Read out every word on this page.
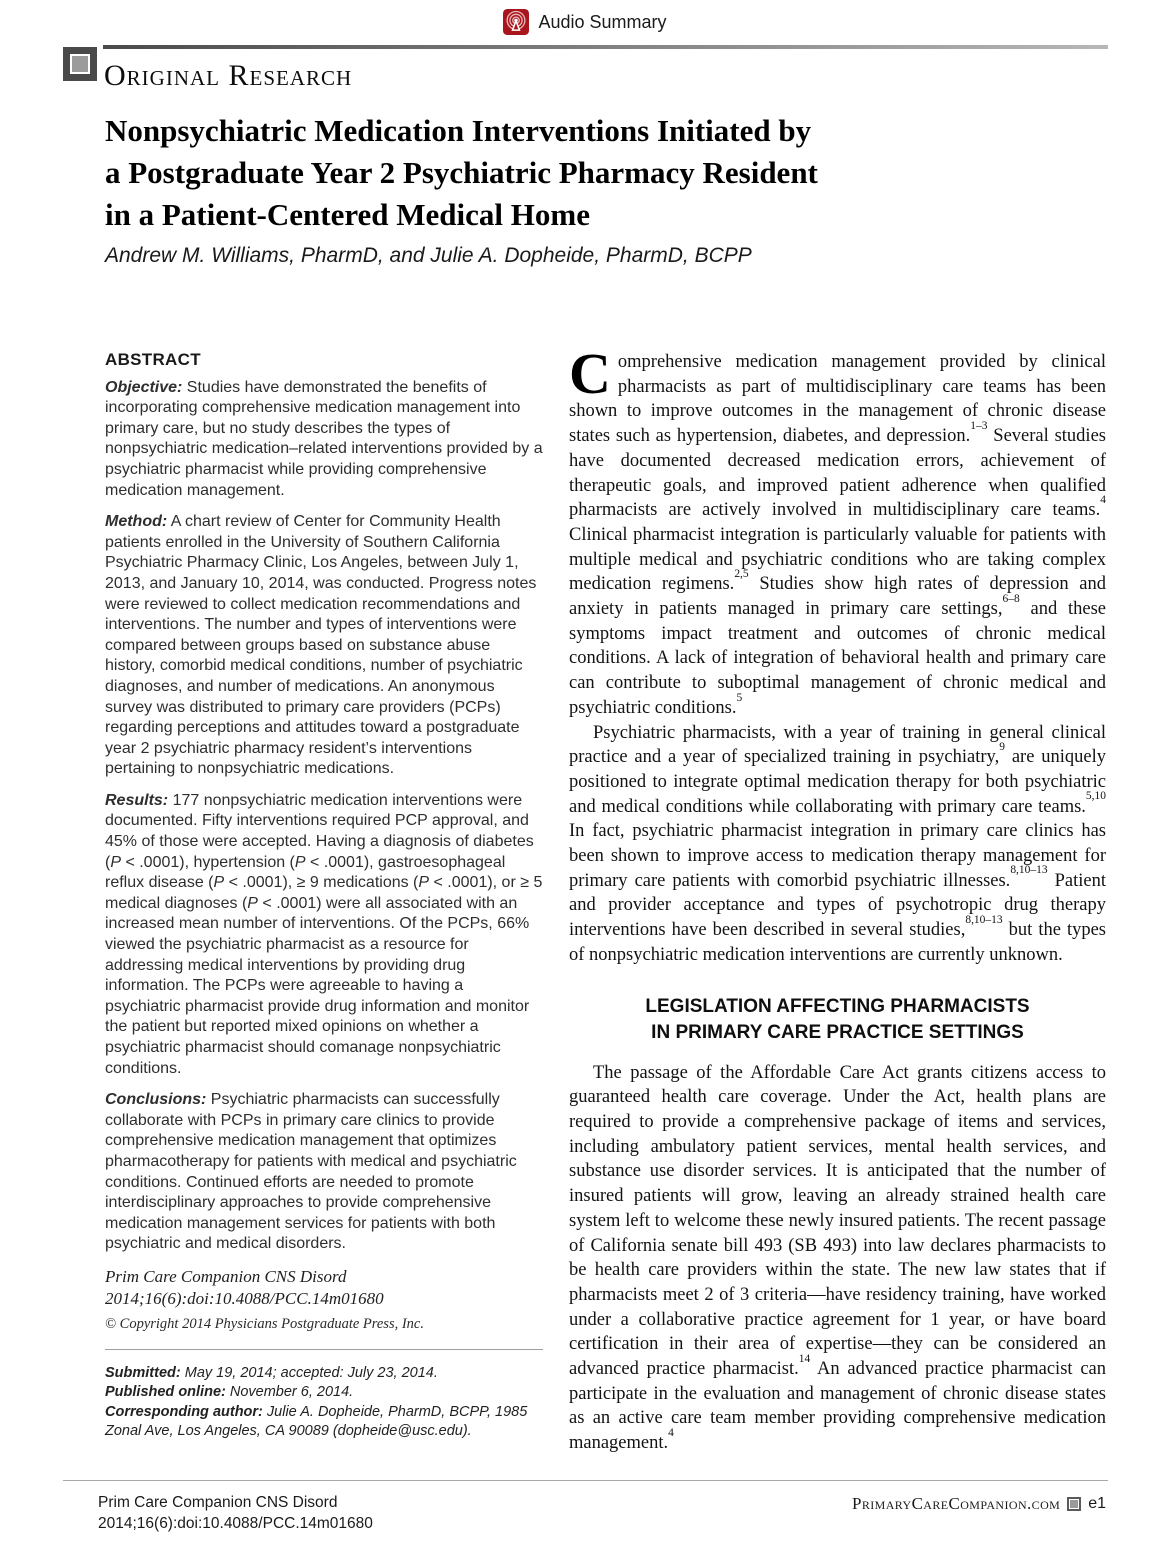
Audio Summary
Original Research
Nonpsychiatric Medication Interventions Initiated by
a Postgraduate Year 2 Psychiatric Pharmacy Resident
in a Patient-Centered Medical Home
Andrew M. Williams, PharmD, and Julie A. Dopheide, PharmD, BCPP
ABSTRACT

Objective: Studies have demonstrated the benefits of incorporating comprehensive medication management into primary care, but no study describes the types of nonpsychiatric medication–related interventions provided by a psychiatric pharmacist while providing comprehensive medication management.

Method: A chart review of Center for Community Health patients enrolled in the University of Southern California Psychiatric Pharmacy Clinic, Los Angeles, between July 1, 2013, and January 10, 2014, was conducted. Progress notes were reviewed to collect medication recommendations and interventions. The number and types of interventions were compared between groups based on substance abuse history, comorbid medical conditions, number of psychiatric diagnoses, and number of medications. An anonymous survey was distributed to primary care providers (PCPs) regarding perceptions and attitudes toward a postgraduate year 2 psychiatric pharmacy resident’s interventions pertaining to nonpsychiatric medications.

Results: 177 nonpsychiatric medication interventions were documented. Fifty interventions required PCP approval, and 45% of those were accepted. Having a diagnosis of diabetes (P < .0001), hypertension (P < .0001), gastroesophageal reflux disease (P < .0001), ≥ 9 medications (P < .0001), or ≥ 5 medical diagnoses (P < .0001) were all associated with an increased mean number of interventions. Of the PCPs, 66% viewed the psychiatric pharmacist as a resource for addressing medical interventions by providing drug information. The PCPs were agreeable to having a psychiatric pharmacist provide drug information and monitor the patient but reported mixed opinions on whether a psychiatric pharmacist should comanage nonpsychiatric conditions.

Conclusions: Psychiatric pharmacists can successfully collaborate with PCPs in primary care clinics to provide comprehensive medication management that optimizes pharmacotherapy for patients with medical and psychiatric conditions. Continued efforts are needed to promote interdisciplinary approaches to provide comprehensive medication management services for patients with both psychiatric and medical disorders.

Prim Care Companion CNS Disord
2014;16(6):doi:10.4088/PCC.14m01680
© Copyright 2014 Physicians Postgraduate Press, Inc.
Submitted: May 19, 2014; accepted: July 23, 2014.
Published online: November 6, 2014.
Corresponding author: Julie A. Dopheide, PharmD, BCPP, 1985 Zonal Ave, Los Angeles, CA 90089 (dopheide@usc.edu).

Comprehensive medication management provided by clinical pharmacists as part of multidisciplinary care teams has been shown to improve outcomes in the management of chronic disease states such as hypertension, diabetes, and depression.$^{1-3}$ Several studies have documented decreased medication errors, achievement of therapeutic goals, and improved patient adherence when qualified pharmacists are actively involved in multidisciplinary care teams.$^4$ Clinical pharmacist integration is particularly valuable for patients with multiple medical and psychiatric conditions who are taking complex medication regimens.$^{2,5}$ Studies show high rates of depression and anxiety in patients managed in primary care settings,$^{6-8}$ and these symptoms impact treatment and outcomes of chronic medical conditions. A lack of integration of behavioral health and primary care can contribute to suboptimal management of chronic medical and psychiatric conditions.$^5$

Psychiatric pharmacists, with a year of training in general clinical practice and a year of specialized training in psychiatry,$^9$ are uniquely positioned to integrate optimal medication therapy for both psychiatric and medical conditions while collaborating with primary care teams.$^{5,10}$ In fact, psychiatric pharmacist integration in primary care clinics has been shown to improve access to medication therapy management for primary care patients with comorbid psychiatric illnesses.$^{8,10-13}$ Patient and provider acceptance and types of psychotropic drug therapy interventions have been described in several studies,$^{8,10-13}$ but the types of nonpsychiatric medication interventions are currently unknown.

LEGISLATION AFFECTING PHARMACISTS
IN PRIMARY CARE PRACTICE SETTINGS

The passage of the Affordable Care Act grants citizens access to guaranteed health care coverage. Under the Act, health plans are required to provide a comprehensive package of items and services, including ambulatory patient services, mental health services, and substance use disorder services. It is anticipated that the number of insured patients will grow, leaving an already strained health care system left to welcome these newly insured patients. The recent passage of California senate bill 493 (SB 493) into law declares pharmacists to be health care providers within the state. The new law states that if pharmacists meet 2 of 3 criteria—have residency training, have worked under a collaborative practice agreement for 1 year, or have board certification in their area of expertise—they can be considered an advanced practice pharmacist.$^{14}$ An advanced practice pharmacist can participate in the evaluation and management of chronic disease states as an active care team member providing comprehensive medication management.$^4$

Prim Care Companion CNS Disord
2014;16(6):doi:10.4088/PCC.14m01680
PrimaryCareCompanion.com e1
